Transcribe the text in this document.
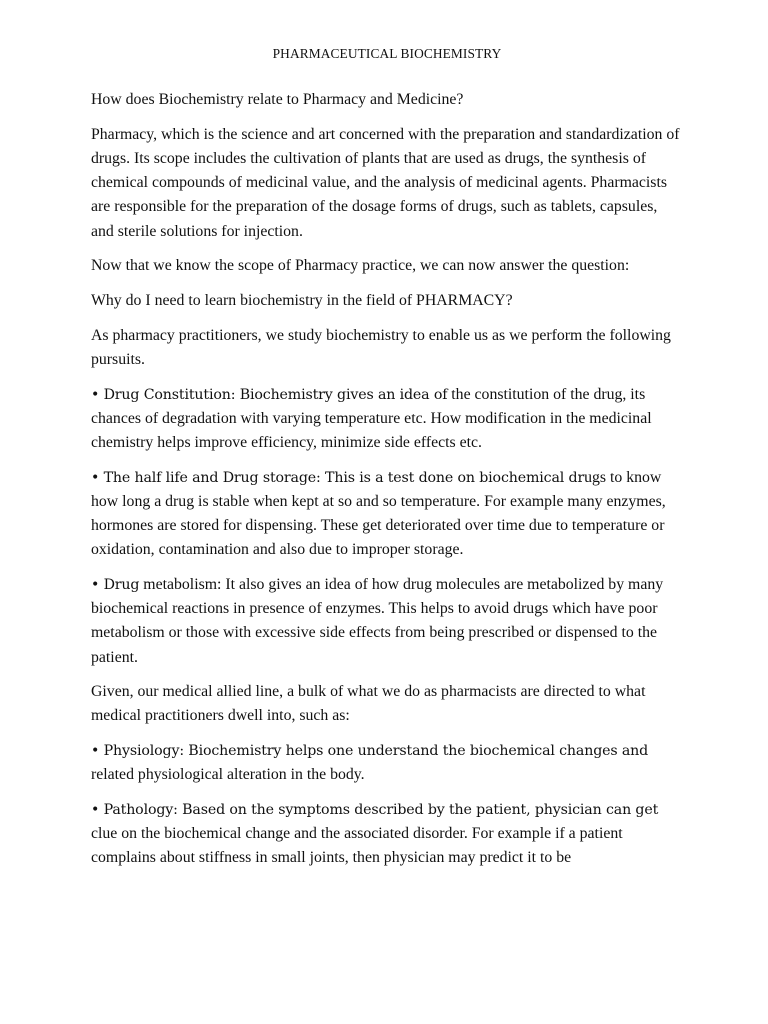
PHARMACEUTICAL BIOCHEMISTRY

How does Biochemistry relate to Pharmacy and Medicine?

Pharmacy, which is the science and art concerned with the preparation and standardization of drugs. Its scope includes the cultivation of plants that are used as drugs, the synthesis of chemical compounds of medicinal value, and the analysis of medicinal agents. Pharmacists are responsible for the preparation of the dosage forms of drugs, such as tablets, capsules, and sterile solutions for injection.

Now that we know the scope of Pharmacy practice, we can now answer the question:

Why do I need to learn biochemistry in the field of PHARMACY?

As pharmacy practitioners, we study biochemistry to enable us as we perform the following pursuits.

• Drug Constitution: Biochemistry gives an idea of the constitution of the drug, its chances of degradation with varying temperature etc. How modification in the medicinal chemistry helps improve efficiency, minimize side effects etc.

• The half life and Drug storage: This is a test done on biochemical drugs to know how long a drug is stable when kept at so and so temperature. For example many enzymes, hormones are stored for dispensing. These get deteriorated over time due to temperature or oxidation, contamination and also due to improper storage.

• Drug metabolism: It also gives an idea of how drug molecules are metabolized by many biochemical reactions in presence of enzymes. This helps to avoid drugs which have poor metabolism or those with excessive side effects from being prescribed or dispensed to the patient.

Given, our medical allied line, a bulk of what we do as pharmacists are directed to what medical practitioners dwell into, such as:

• Physiology: Biochemistry helps one understand the biochemical changes and related physiological alteration in the body.

• Pathology: Based on the symptoms described by the patient, physician can get clue on the biochemical change and the associated disorder. For example if a patient complains about stiffness in small joints, then physician may predict it to be
